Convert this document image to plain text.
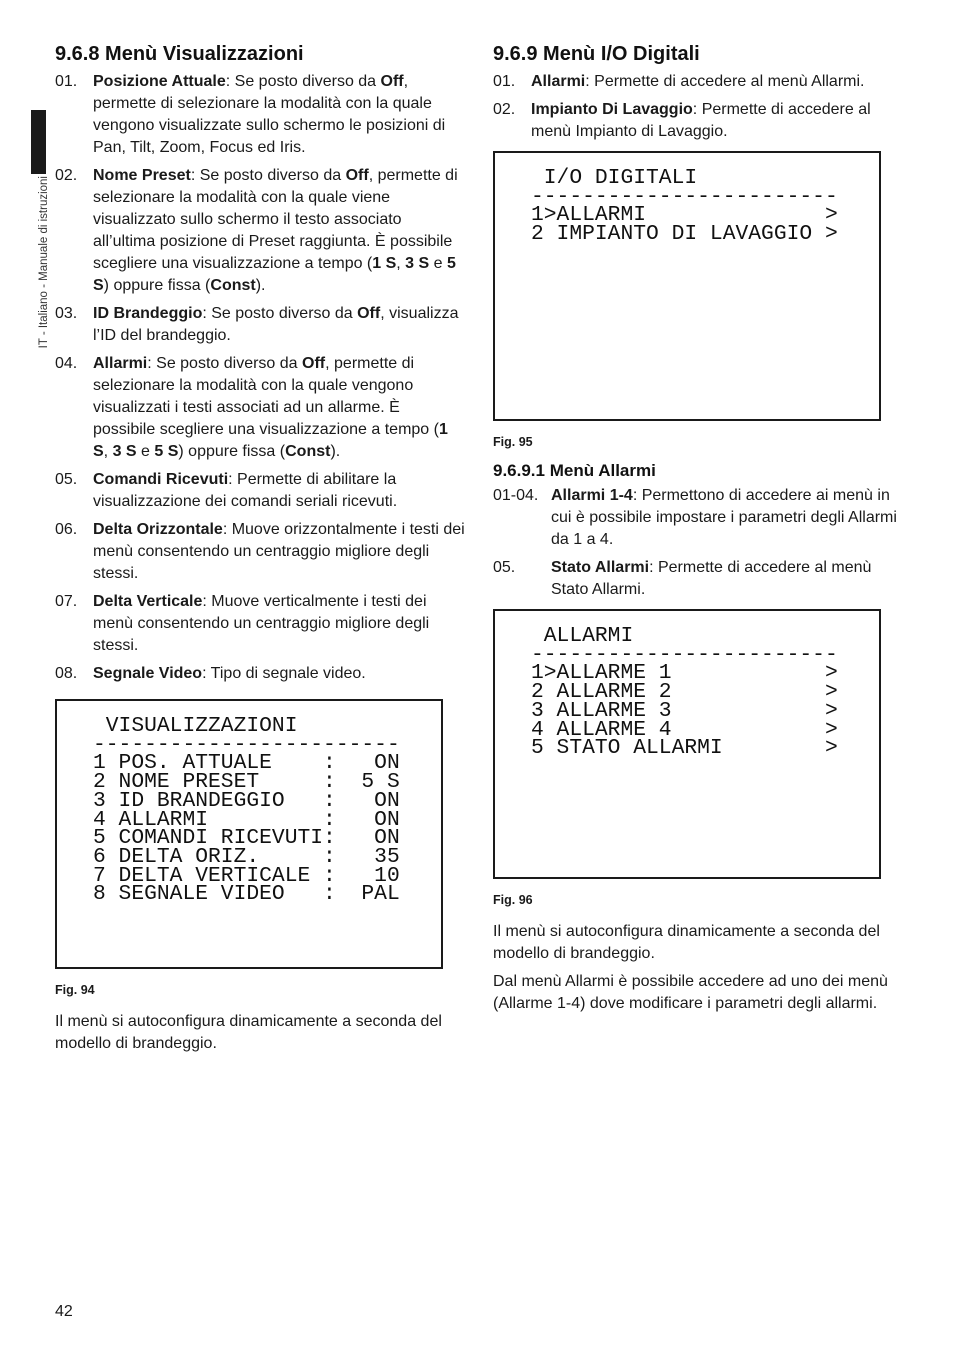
IT - Italiano - Manuale di istruzioni
9.6.8 Menù Visualizzazioni
01. Posizione Attuale: Se posto diverso da Off, permette di selezionare la modalità con la quale vengono visualizzate sullo schermo le posizioni di Pan, Tilt, Zoom, Focus ed Iris.
02. Nome Preset: Se posto diverso da Off, permette di selezionare la modalità con la quale viene visualizzato sullo schermo il testo associato all’ultima posizione di Preset raggiunta. È possibile scegliere una visualizzazione a tempo (1 S, 3 S e 5 S) oppure fissa (Const).
03. ID Brandeggio: Se posto diverso da Off, visualizza l’ID del brandeggio.
04. Allarmi: Se posto diverso da Off, permette di selezionare la modalità con la quale vengono visualizzati i testi associati ad un allarme. È possibile scegliere una visualizzazione a tempo (1 S, 3 S e 5 S) oppure fissa (Const).
05. Comandi Ricevuti: Permette di abilitare la visualizzazione dei comandi seriali ricevuti.
06. Delta Orizzontale: Muove orizzontalmente i testi dei menù consentendo un centraggio migliore degli stessi.
07. Delta Verticale: Muove verticalmente i testi dei menù consentendo un centraggio migliore degli stessi.
08. Segnale Video: Tipo di segnale video.
VISUALIZZAZIONI
------------------------
1 POS. ATTUALE    :   ON
2 NOME PRESET     :  5 S
3 ID BRANDEGGIO   :   ON
4 ALLARMI         :   ON
5 COMANDI RICEVUTI:   ON
6 DELTA ORIZ.     :   35
7 DELTA VERTICALE :   10
8 SEGNALE VIDEO   :  PAL
Fig. 94
Il menù si autoconfigura dinamicamente a seconda del modello di brandeggio.
9.6.9 Menù I/O Digitali
01. Allarmi: Permette di accedere al menù Allarmi.
02. Impianto Di Lavaggio: Permette di accedere al menù Impianto di Lavaggio.
I/O DIGITALI
------------------------
1>ALLARMI              >
2 IMPIANTO DI LAVAGGIO >
Fig. 95
9.6.9.1 Menù Allarmi
01-04. Allarmi 1-4: Permettono di accedere ai menù in cui è possibile impostare i parametri degli Allarmi da 1 a 4.
05.	Stato Allarmi: Permette di accedere al menù Stato Allarmi.
ALLARMI
------------------------
1>ALLARME 1            >
2 ALLARME 2            >
3 ALLARME 3            >
4 ALLARME 4            >
5 STATO ALLARMI        >
Fig. 96
Il menù si autoconfigura dinamicamente a seconda del modello di brandeggio.
Dal menù Allarmi è possibile accedere ad uno dei menù (Allarme 1-4) dove modificare i parametri degli allarmi.
42
